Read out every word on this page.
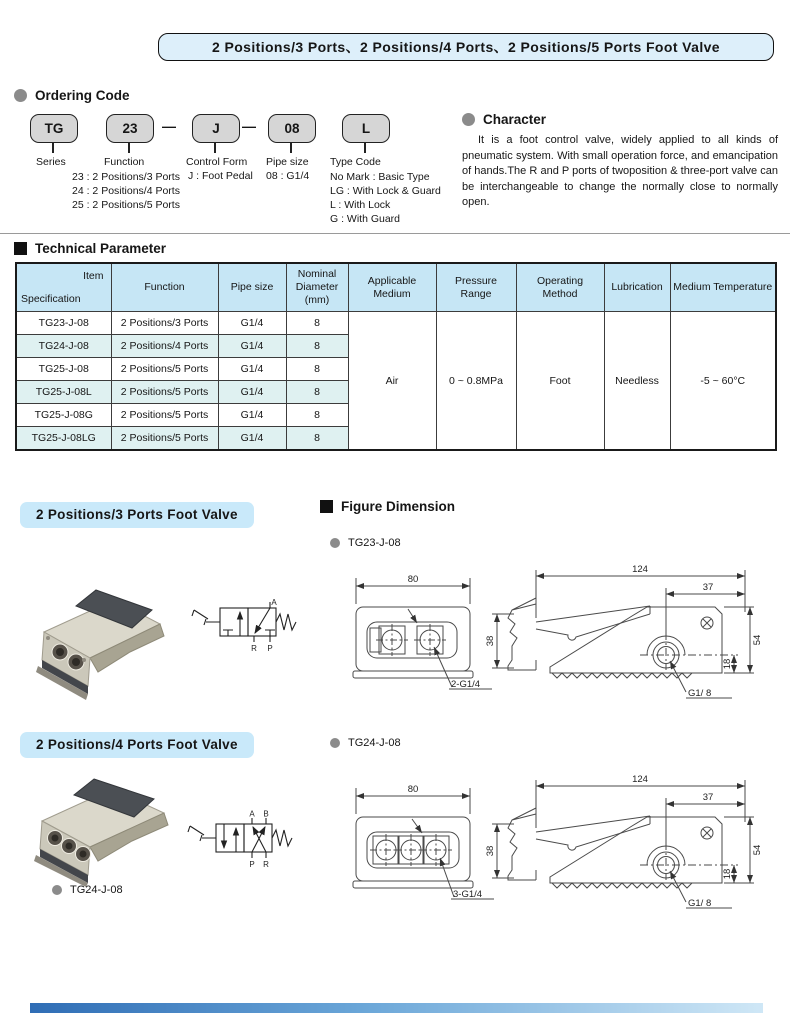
2 Positions/3 Ports、2 Positions/4 Ports、2 Positions/5 Ports Foot Valve
Ordering Code
TG	23	J	08	L
—	—
Series	Function	Control Form Pipe size Type Code
23 : 2 Positions/3 Ports
24 : 2 Positions/4 Ports
25 : 2 Positions/5 Ports
J : Foot Pedal 08 : G1/4 No Mark : Basic Type
LG : With Lock & Guard
L : With Lock
G : With Guard
Character

It is a foot control valve, widely applied to all kinds of pneumatic system. With small operation force, and emancipation of hands.The R and P ports of twoposition & three-port valve can be interchangeable to change the normally close to normally open.

Technical Parameter
Item
Specification	Function	Pipe size	Nominal Diameter (mm)	Applicable Medium	Pressure Range	Operating Method	Lubrication	Medium Temperature
TG23-J-08	2 Positions/3 Ports	G1/4	8	Air	0 ~ 0.8MPa	Foot	Needless	-5 ~ 60°C
TG24-J-08	2 Positions/4 Ports	G1/4	8					
TG25-J-08	2 Positions/5 Ports	G1/4	8					
TG25-J-08L	2 Positions/5 Ports	G1/4	8					
TG25-J-08G	2 Positions/5 Ports	G1/4	8					
TG25-J-08LG	2 Positions/5 Ports	G1/4	8					
2 Positions/3 Ports Foot Valve
Figure Dimension
TG23-J-08
A
R P
80
2-G1/4
38
124
37
54
18
G1/ 8
2 Positions/4 Ports Foot Valve	TG24-J-08
TG24-J-08
A B
P R
80
3-G1/4
38
124
37
54
18
G1/ 8
